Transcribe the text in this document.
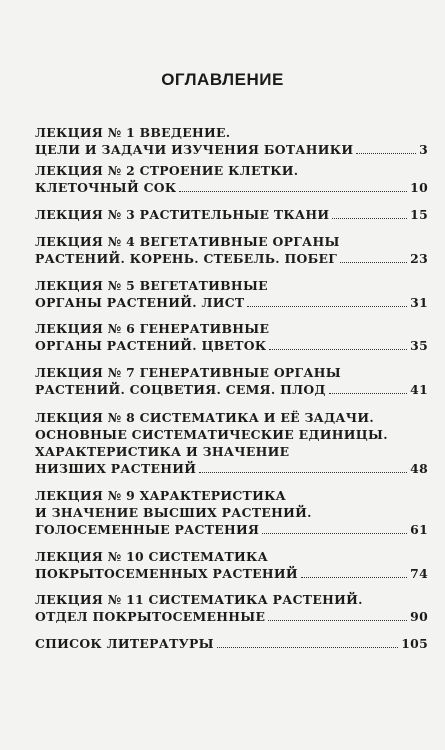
ОГЛАВЛЕНИЕ
ЛЕКЦИЯ № 1 ВВЕДЕНИЕ.
ЦЕЛИ И ЗАДАЧИ ИЗУЧЕНИЯ БОТАНИКИ	3
ЛЕКЦИЯ № 2 СТРОЕНИЕ КЛЕТКИ.
КЛЕТОЧНЫЙ СОК	10
ЛЕКЦИЯ № 3 РАСТИТЕЛЬНЫЕ ТКАНИ	15
ЛЕКЦИЯ № 4 ВЕГЕТАТИВНЫЕ ОРГАНЫ
РАСТЕНИЙ. КОРЕНЬ. СТЕБЕЛЬ. ПОБЕГ	23
ЛЕКЦИЯ № 5 ВЕГЕТАТИВНЫЕ
ОРГАНЫ РАСТЕНИЙ. ЛИСТ	31
ЛЕКЦИЯ № 6 ГЕНЕРАТИВНЫЕ
ОРГАНЫ РАСТЕНИЙ. ЦВЕТОК	35
ЛЕКЦИЯ № 7 ГЕНЕРАТИВНЫЕ ОРГАНЫ
РАСТЕНИЙ. СОЦВЕТИЯ. СЕМЯ. ПЛОД	41
ЛЕКЦИЯ № 8 СИСТЕМАТИКА И ЕЁ ЗАДАЧИ.
ОСНОВНЫЕ СИСТЕМАТИЧЕСКИЕ ЕДИНИЦЫ.
ХАРАКТЕРИСТИКА И ЗНАЧЕНИЕ
НИЗШИХ РАСТЕНИЙ	48
ЛЕКЦИЯ № 9 ХАРАКТЕРИСТИКА
И ЗНАЧЕНИЕ ВЫСШИХ РАСТЕНИЙ.
ГОЛОСЕМЕННЫЕ РАСТЕНИЯ	61
ЛЕКЦИЯ № 10 СИСТЕМАТИКА
ПОКРЫТОСЕМЕННЫХ РАСТЕНИЙ	74
ЛЕКЦИЯ № 11 СИСТЕМАТИКА РАСТЕНИЙ.
ОТДЕЛ ПОКРЫТОСЕМЕННЫЕ	90
СПИСОК ЛИТЕРАТУРЫ	105
